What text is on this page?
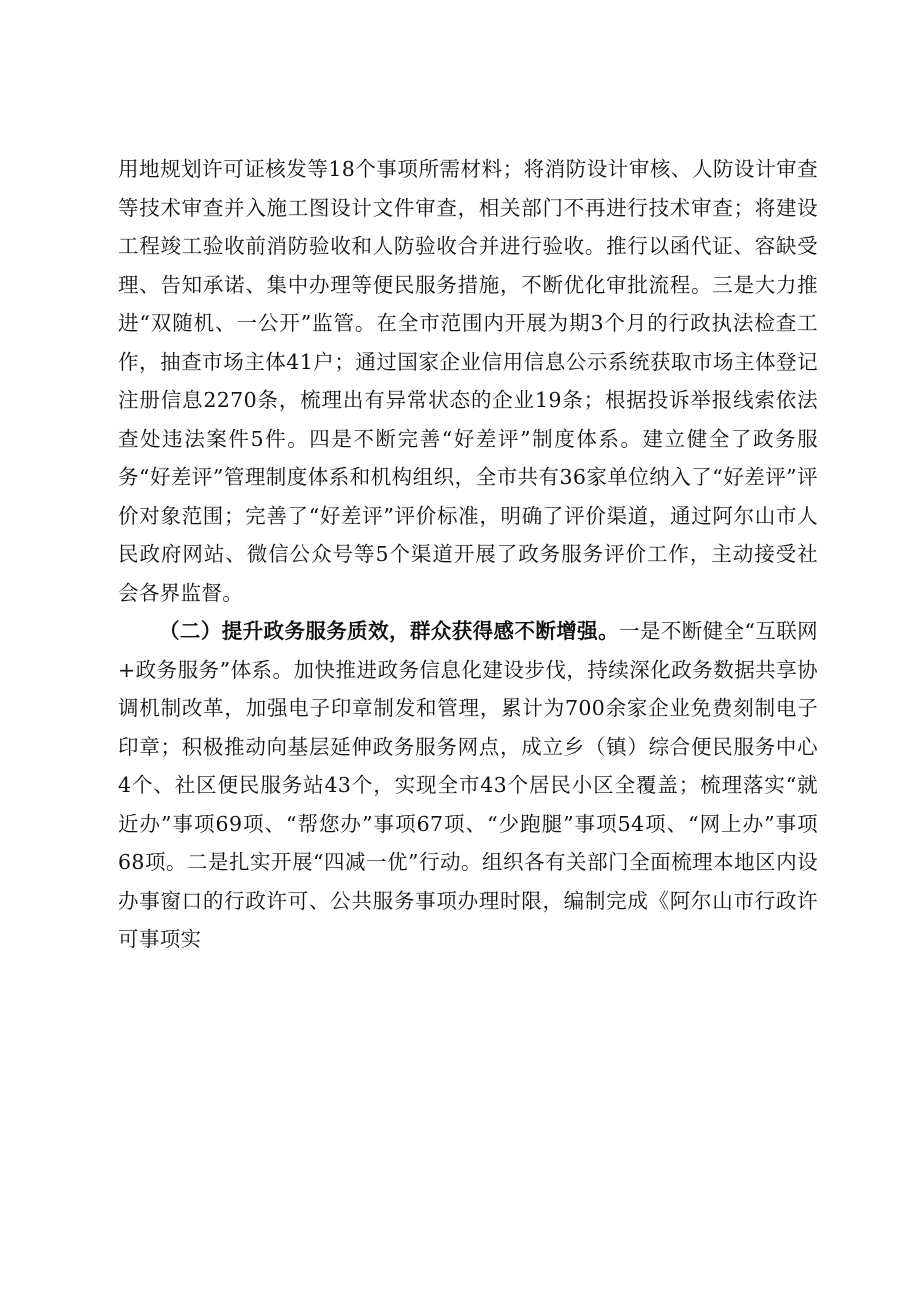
用地规划许可证核发等18个事项所需材料；将消防设计审核、人防设计审查等技术审查并入施工图设计文件审查，相关部门不再进行技术审查；将建设工程竣工验收前消防验收和人防验收合并进行验收。推行以函代证、容缺受理、告知承诺、集中办理等便民服务措施，不断优化审批流程。三是大力推进“双随机、一公开”监管。在全市范围内开展为期3个月的行政执法检查工作，抽查市场主体41户；通过国家企业信用信息公示系统获取市场主体登记注册信息2270条，梳理出有异常状态的企业19条；根据投诉举报线索依法查处违法案件5件。四是不断完善“好差评”制度体系。建立健全了政务服务“好差评”管理制度体系和机构组织，全市共有36家单位纳入了“好差评”评价对象范围；完善了“好差评”评价标准，明确了评价渠道，通过阿尔山市人民政府网站、微信公众号等5个渠道开展了政务服务评价工作，主动接受社会各界监督。

（二）提升政务服务质效，群众获得感不断增强。一是不断健全“互联网+政务服务”体系。加快推进政务信息化建设步伐，持续深化政务数据共享协调机制改革，加强电子印章制发和管理，累计为700余家企业免费刻制电子印章；积极推动向基层延伸政务服务网点，成立乡（镇）综合便民服务中心4个、社区便民服务站43个，实现全市43个居民小区全覆盖；梳理落实“就近办”事项69项、“帮您办”事项67项、“少跑腿”事项54项、“网上办”事项68项。二是扎实开展“四减一优”行动。组织各有关部门全面梳理本地区内设办事窗口的行政许可、公共服务事项办理时限，编制完成《阿尔山市行政许可事项实
